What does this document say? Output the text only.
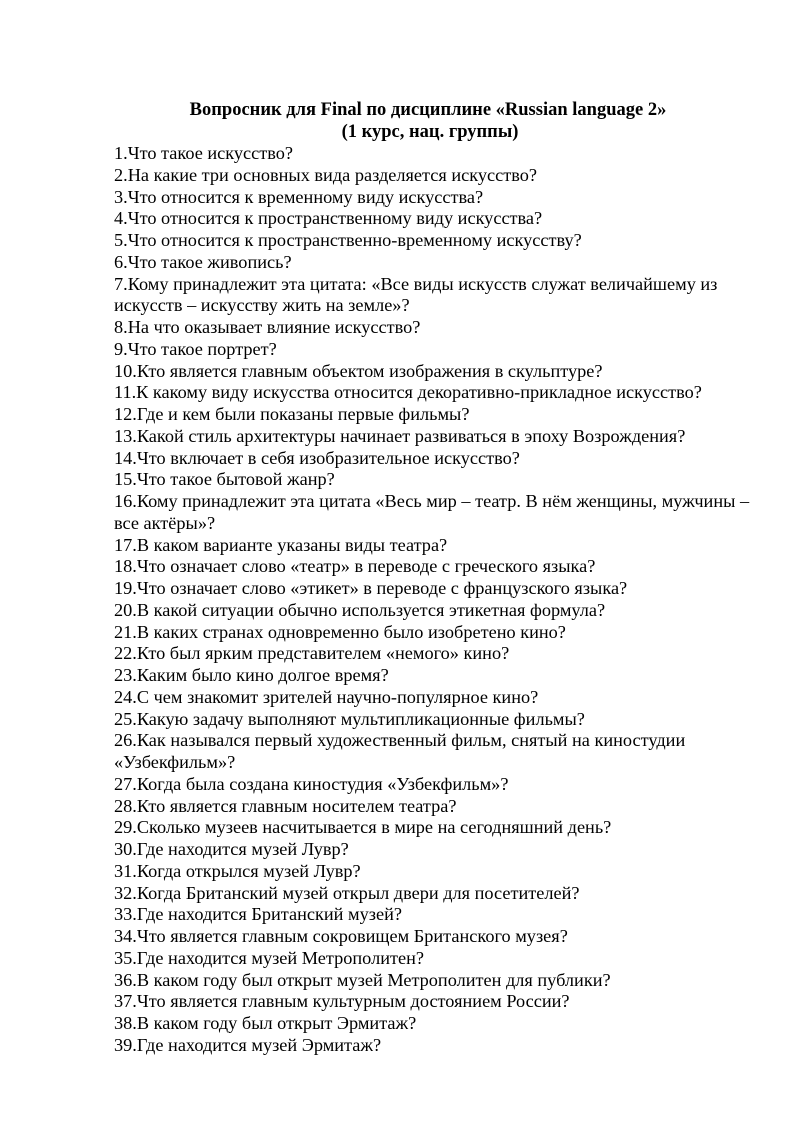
Вопросник для Final по дисциплине «Russian language 2»

(1 курс, нац. группы)

1.Что такое искусство?
2.На какие три основных вида разделяется искусство?
3.Что относится к временному виду искусства?
4.Что относится к пространственному виду искусства?
5.Что относится к пространственно-временному искусству?
6.Что такое живопись?
7.Кому принадлежит эта цитата: «Все виды искусств служат величайшему из искусств – искусству жить на земле»?
8.На что оказывает влияние искусство?
9.Что такое портрет?
10.Кто является главным объектом изображения в скульптуре?
11.К какому виду искусства относится декоративно-прикладное искусство?
12.Где и кем были показаны первые фильмы?
13.Какой стиль архитектуры начинает развиваться в эпоху Возрождения?
14.Что включает в себя изобразительное искусство?
15.Что такое бытовой жанр?
16.Кому принадлежит эта цитата «Весь мир – театр. В нём женщины, мужчины – все актёры»?
17.В каком варианте указаны виды театра?
18.Что означает слово «театр» в переводе с греческого языка?
19.Что означает слово «этикет» в переводе с французского языка?
20.В какой ситуации обычно используется этикетная формула?
21.В каких странах одновременно было изобретено кино?
22.Кто был ярким представителем «немого» кино?
23.Каким было кино долгое время?
24.С чем знакомит зрителей научно-популярное кино?
25.Какую задачу выполняют мультипликационные фильмы?
26.Как назывался первый художественный фильм, снятый на киностудии «Узбекфильм»?
27.Когда была создана киностудия «Узбекфильм»?
28.Кто является главным носителем театра?
29.Сколько музеев насчитывается в мире на сегодняшний день?
30.Где находится музей Лувр?
31.Когда открылся музей Лувр?
32.Когда Британский музей открыл двери для посетителей?
33.Где находится Британский музей?
34.Что является главным сокровищем Британского музея?
35.Где находится музей Метрополитен?
36.В каком году был открыт музей Метрополитен для публики?
37.Что является главным культурным достоянием России?
38.В каком году был открыт Эрмитаж?
39.Где находится музей Эрмитаж?
